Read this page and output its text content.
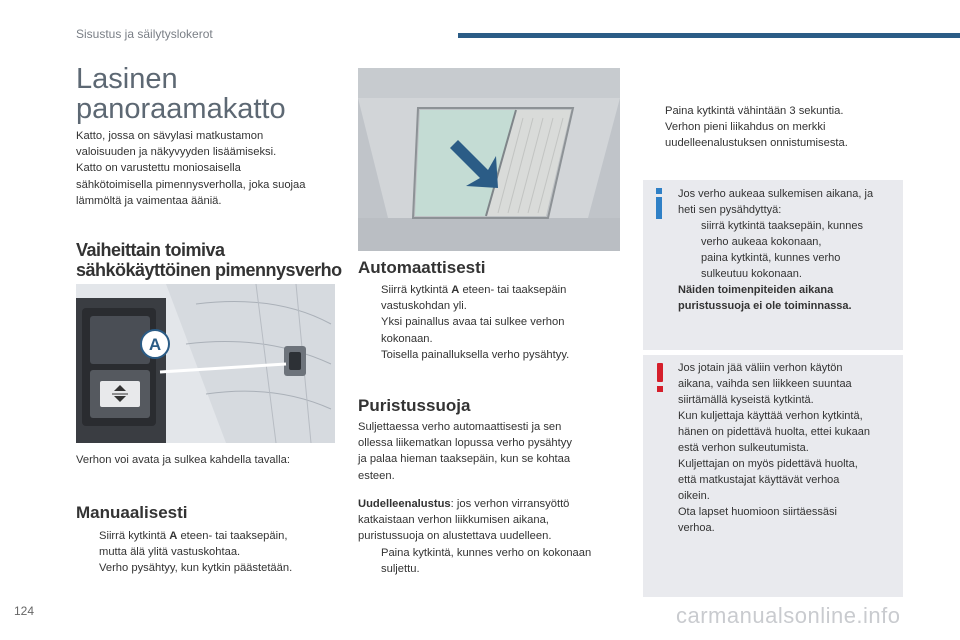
Sisustus ja säilytyslokerot
Lasinen
panoraamakatto
Katto, jossa on sävylasi matkustamon
valoisuuden ja näkyvyyden lisäämiseksi.
Katto on varustettu moniosaisella
sähkötoimisella pimennysverholla, joka suojaa
lämmöltä ja vaimentaa ääniä.
Vaiheittain toimiva
sähkökäyttöinen pimennysverho
A
Verhon voi avata ja sulkea kahdella tavalla:
Manuaalisesti
Siirrä kytkintä A eteen- tai taaksepäin,
mutta älä ylitä vastuskohtaa.
Verho pysähtyy, kun kytkin päästetään.
Automaattisesti
Siirrä kytkintä A eteen- tai taaksepäin
vastuskohdan yli.
Yksi painallus avaa tai sulkee verhon
kokonaan.
Toisella painalluksella verho pysähtyy.
Puristussuoja
Suljettaessa verho automaattisesti ja sen
ollessa liikematkan lopussa verho pysähtyy
ja palaa hieman taaksepäin, kun se kohtaa
esteen.
Uudelleenalustus: jos verhon virransyöttö
katkaistaan verhon liikkumisen aikana,
puristussuoja on alustettava uudelleen.
Paina kytkintä, kunnes verho on kokonaan
suljettu.
Paina kytkintä vähintään 3 sekuntia.
Verhon pieni liikahdus on merkki
uudelleenalustuksen onnistumisesta.
Jos verho aukeaa sulkemisen aikana, ja
heti sen pysähdyttyä:
siirrä kytkintä taaksepäin, kunnes
verho aukeaa kokonaan,
paina kytkintä, kunnes verho
sulkeutuu kokonaan.
Näiden toimenpiteiden aikana
puristussuoja ei ole toiminnassa.
Jos jotain jää väliin verhon käytön
aikana, vaihda sen liikkeen suuntaa
siirtämällä kyseistä kytkintä.
Kun kuljettaja käyttää verhon kytkintä,
hänen on pidettävä huolta, ettei kukaan
estä verhon sulkeutumista.
Kuljettajan on myös pidettävä huolta,
että matkustajat käyttävät verhoa
oikein.
Ota lapset huomioon siirtäessäsi
verhoa.
124	carmanualsonline.info
